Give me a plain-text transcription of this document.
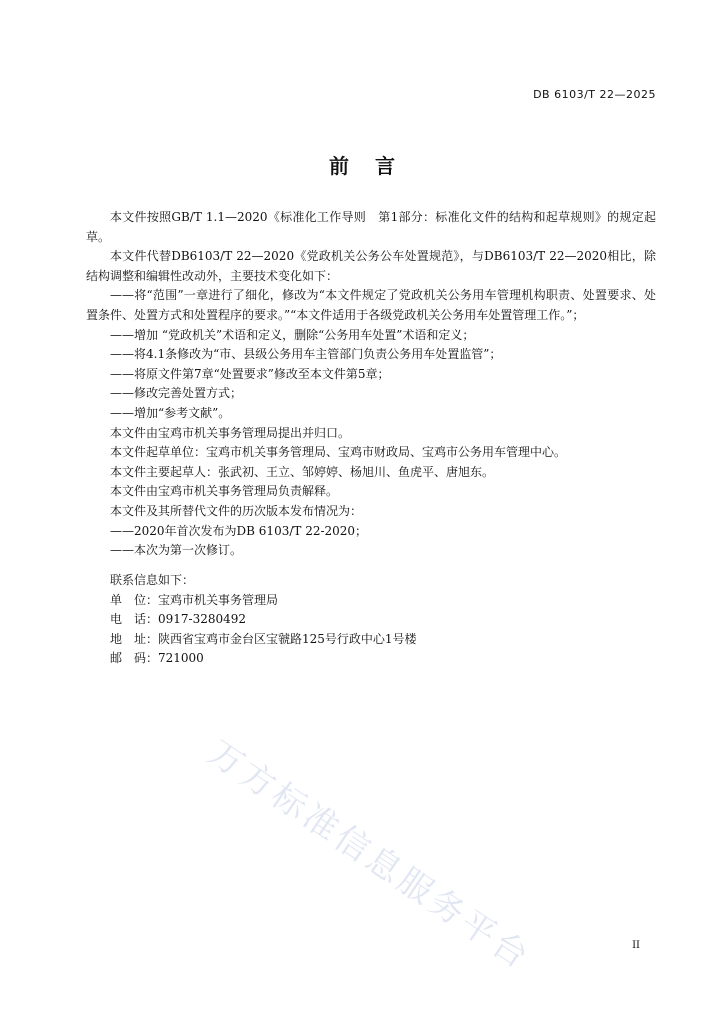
DB 6103/T 22—2025
前言

本文件按照GB/T 1.1—2020《标准化工作导则　第1部分：标准化文件的结构和起草规则》的规定起草。

本文件代替DB6103/T 22—2020《党政机关公务公车处置规范》，与DB6103/T 22—2020相比，除结构调整和编辑性改动外，主要技术变化如下：

——将“范围”一章进行了细化，修改为“本文件规定了党政机关公务用车管理机构职责、处置要求、处置条件、处置方式和处置程序的要求。”“本文件适用于各级党政机关公务用车处置管理工作。”；

——增加 “党政机关”术语和定义，删除“公务用车处置”术语和定义；

——将4.1条修改为“市、县级公务用车主管部门负责公务用车处置监管”；

——将原文件第7章“处置要求”修改至本文件第5章；

——修改完善处置方式；

——增加“参考文献”。

本文件由宝鸡市机关事务管理局提出并归口。

本文件起草单位：宝鸡市机关事务管理局、宝鸡市财政局、宝鸡市公务用车管理中心。

本文件主要起草人：张武初、王立、邹婷婷、杨旭川、鱼虎平、唐旭东。

本文件由宝鸡市机关事务管理局负责解释。

本文件及其所替代文件的历次版本发布情况为：

——2020年首次发布为DB 6103/T 22-2020；

——本次为第一次修订。

联系信息如下：

单　位：宝鸡市机关事务管理局

电　话：0917-3280492

地　址：陕西省宝鸡市金台区宝虢路125号行政中心1号楼

邮　码：721000

万方标准信息服务平台	II
